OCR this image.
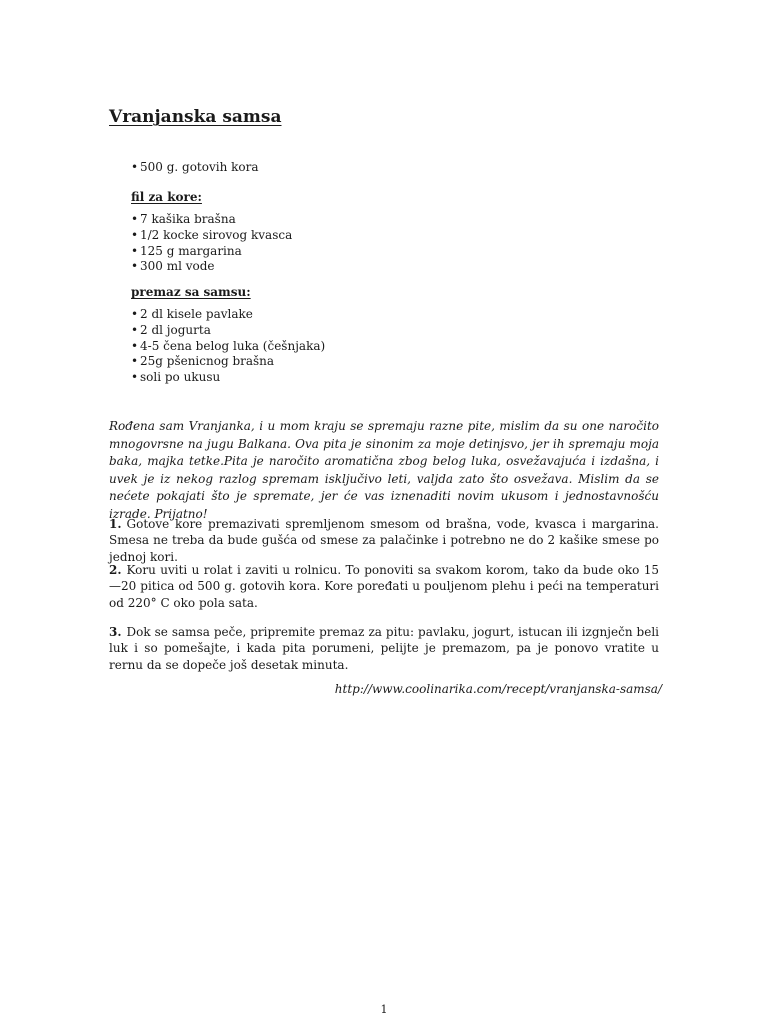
Vranjanska samsa
• 500 g. gotovih kora

fil za kore:

• 7 kašika brašna
• 1/2 kocke sirovog kvasca
• 125 g margarina
• 300 ml vode

premaz sa samsu:

• 2 dl kisele pavlake
• 2 dl jogurta
• 4-5 čena belog luka (češnjaka)
• 25g pšenicnog brašna
• soli po ukusu

Rođena sam Vranjanka, i u mom kraju se spremaju razne pite, mislim da su one naročito mnogovrsne na jugu Balkana. Ova pita je sinonim za moje detinjsvo, jer ih spremaju moja baka, majka tetke.Pita je naročito aromatična zbog belog luka, osvežavajuća i izdašna, i uvek je iz nekog razlog spremam isključivo leti, valjda zato što osvežava. Mislim da se nećete pokajati što je spremate, jer će vas iznenaditi novim ukusom i jednostavnošću izrade. Prijatno!

1. Gotove kore premazivati spremljenom smesom od brašna, vode, kvasca i margarina. Smesa ne treba da bude gušća od smese za palačinke i potrebno ne do 2 kašike smese po jednoj kori.

2. Koru uviti u rolat i zaviti u rolnicu. To ponoviti sa svakom korom, tako da bude oko 15—20 pitica od 500 g. gotovih kora. Kore poređati u pouljenom plehu i peći na temperaturi od 220° C oko pola sata.

3. Dok se samsa peče, pripremite premaz za pitu: pavlaku, jogurt, istucan ili izgnječn beli luk i so pomešajte, i kada pita porumeni, pelijte je premazom, pa je ponovo vratite u rernu da se dopeče još desetak minuta.

http://www.coolinarika.com/recept/vranjanska-samsa/

1
